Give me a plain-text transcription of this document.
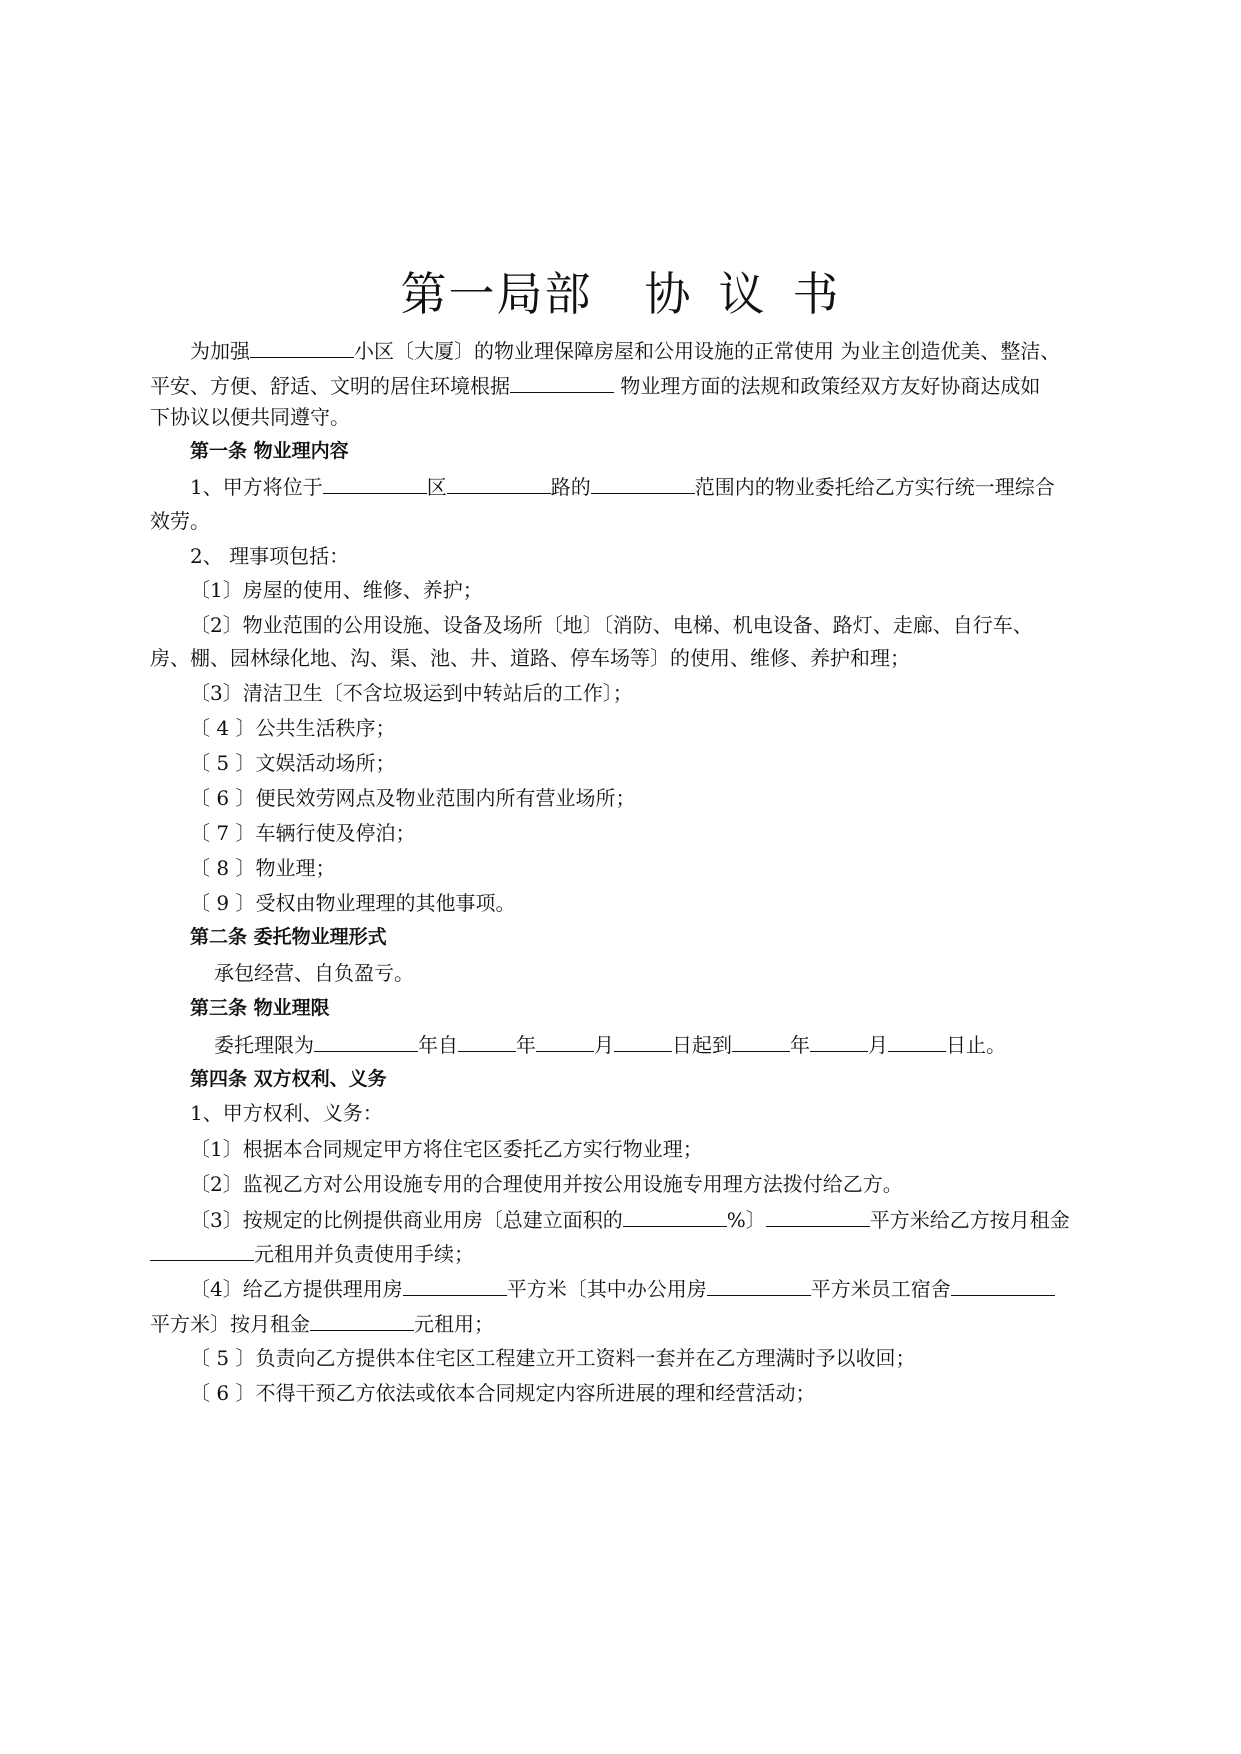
第一局部 协 议 书
为加强	小区〔大厦〕的物业理保障房屋和公用设施的正常使用 为业主创造优美、整洁、
平安、方便、舒适、文明的居住环境根据	物业理方面的法规和政策经双方友好协商达成如
下协议以便共同遵守。
第一条 物业理内容
1、甲方将位于	区	路的	范围内的物业委托给乙方实行统一理综合
效劳。
2、 理事项包括：
〔1〕房屋的使用、维修、养护；
〔2〕物业范围的公用设施、设备及场所〔地〕〔消防、电梯、机电设备、路灯、走廊、自行车、
房、棚、园林绿化地、沟、渠、池、井、道路、停车场等〕的使用、维修、养护和理；
〔3〕清洁卫生〔不含垃圾运到中转站后的工作〕；
〔 4 〕公共生活秩序；
〔 5 〕文娱活动场所；
〔 6 〕便民效劳网点及物业范围内所有营业场所；
〔 7 〕车辆行使及停泊；
〔 8 〕物业理；
〔 9 〕受权由物业理理的其他事项。
第二条 委托物业理形式
承包经营、自负盈亏。
第三条 物业理限
委托理限为	年自	年	月	日起到	年	月	日止。
第四条 双方权利、义务
1、甲方权利、义务：
〔1〕根据本合同规定甲方将住宅区委托乙方实行物业理；
〔2〕监视乙方对公用设施专用的合理使用并按公用设施专用理方法拨付给乙方。
〔3〕按规定的比例提供商业用房〔总建立面积的	%〕	平方米给乙方按月租金
元租用并负责使用手续；
〔4〕给乙方提供理用房	平方米〔其中办公用房	平方米员工宿舍
平方米〕按月租金	元租用；
〔 5 〕负责向乙方提供本住宅区工程建立开工资料一套并在乙方理满时予以收回；
〔 6 〕不得干预乙方依法或依本合同规定内容所进展的理和经营活动；
